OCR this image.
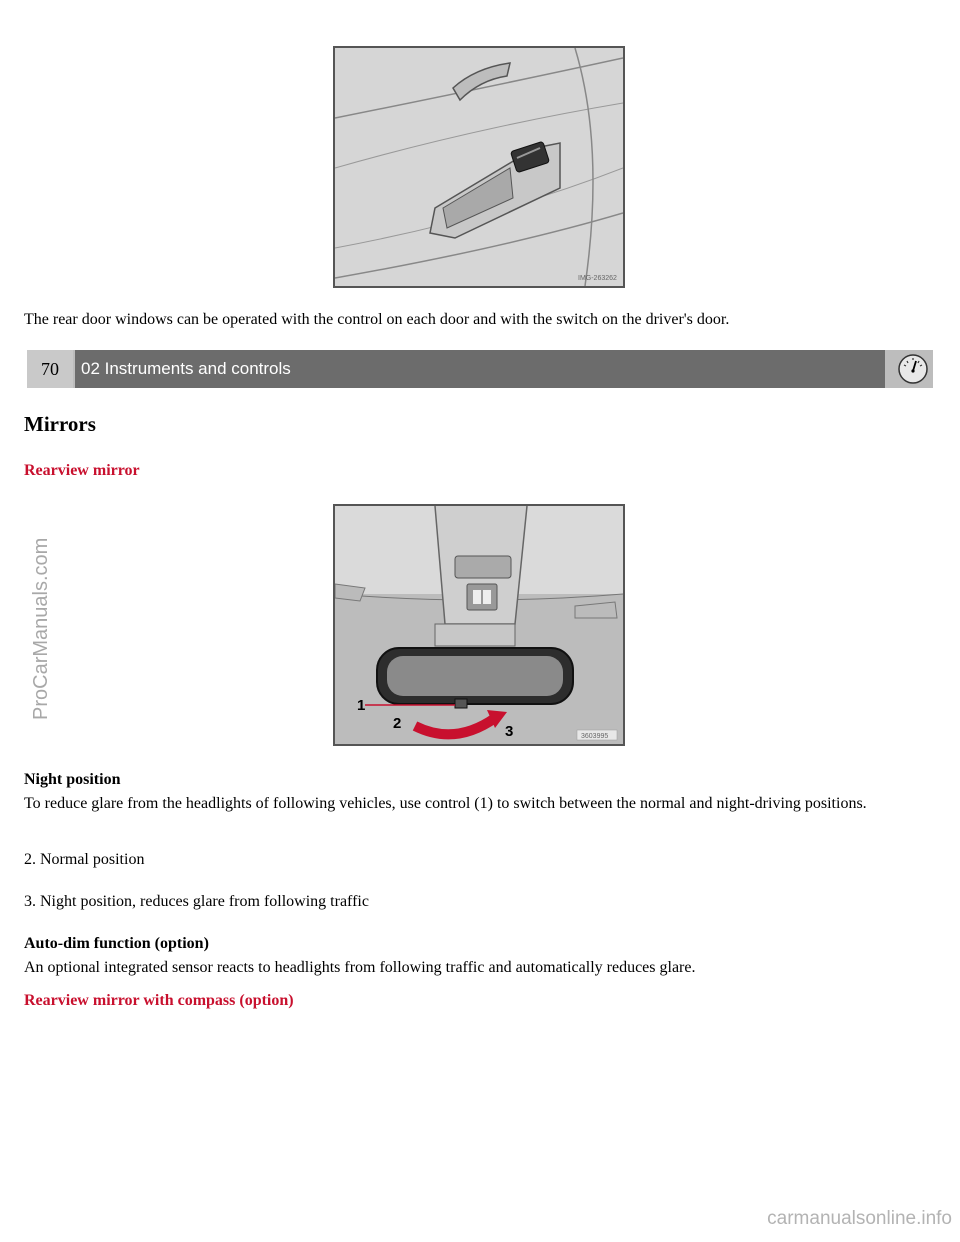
IMG-263262

The rear door windows can be operated with the control on each door and with the switch on the driver's door.

70	02 Instruments and controls
Mirrors
Rearview mirror
1
2	3	3603995

Night position
To reduce glare from the headlights of following vehicles, use control (1) to switch between the normal and night-driving positions.

2. Normal position

3. Night position, reduces glare from following traffic

Auto-dim function (option)
An optional integrated sensor reacts to headlights from following traffic and automatically reduces glare.

Rearview mirror with compass (option)
ProCarManuals.com
carmanualsonline.info
